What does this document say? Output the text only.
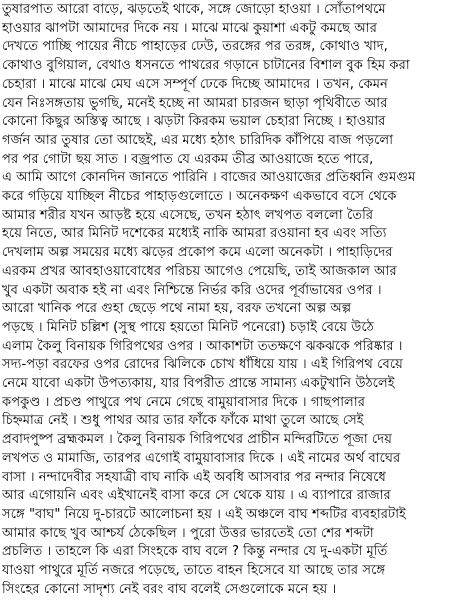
তুষারপাত আরো বাড়ে, ঝড়তেই থাকে, সঙ্গে জোড়ো হাওয়া । সোঁতাপথমে
হাওয়ার ঝাপটা আমাদের দিকে নয় । মাঝে মাঝে কুয়াশা একটু কমছে আর
দেখতে পাচ্ছি পায়ের নীচে পাহাড়ের ঢেউ, তরঙ্গের পর তরঙ্গ, কোথাও খাদ,
কোথাও বুগিয়াল, বেথাও ধসনতে পাথরের গড়ানে চাটানের বিশাল বুক হিম করা
চেহারা । মাঝে মাঝে মেঘ এসে সম্পূর্ণ ঢেকে দিচ্ছে আমাদের । তখন, কেমন
যেন নিঃসঙ্গতায় ভুগছি, মনেই হচ্ছে না আমরা চারজন ছাড়া পৃথিবীতে আর
কোনো কিছুর অস্তিত্ব আছে । ঝড়টা কিরকম ভয়াল চেহারা নিচ্ছে । হাওয়ার
গর্জন আর তুষার তো আছেই, এর মধ্যে হঠাৎ চারিদিক কাঁপিয়ে বাজ পড়লো
পর পর গোটা ছয় সাত । বজ্রপাত যে এরকম তীব্র আওয়াজে হতে পারে,
এ আমি আগে কোনদিন জানতে পারিনি । বাজের আওয়াজের প্রতিধ্বনি গুমগুম
করে গড়িয়ে যাচ্ছিল নীচের পাহাড়গুলোতে । অনেকক্ষণ একভাবে বসে থেকে
আমার শরীর যখন আড়ষ্ট হয়ে এসেছে, তখন হঠাৎ লখপত বললো তৈরি
হয়ে নিতে, আর মিনিট দশেকের মধ্যেই নাকি আমরা রওয়ানা হব এবং সত্যি
দেখলাম অল্প সময়ের মধ্যে ঝড়ের প্রকোপ কমে এলো অনেকটা । পাহাড়িদের
এরকম প্রখর আবহাওয়াবোধের পরিচয় আগেও পেয়েছি, তাই আজকাল আর
খুব একটা অবাক হই না এবং নিশ্চিন্তে নির্ভর করি ওদের পূর্বাভাষের ওপর ।
আরো খানিক পরে গুহা ছেড়ে পথে নামা হয়, বরফ তখনো অল্প অল্প
পড়ছে । মিনিট চল্লিশ (সুস্থ পায়ে হয়তো মিনিট পনেরো) চড়াই বেয়ে উঠে
এলাম কৈলু বিনায়ক গিরিপথের ওপর । আকাশটা ততক্ষণে ঝকঝকে পরিষ্কার ।
সদ্য-পড়া বরফের ওপর রোদের ঝিলিকে চোখ ধাঁধিয়ে যায় । এই গিরিপথ বেয়ে
নেমে যাবো একটা উপত্যকায়, যার বিপরীত প্রান্তে সামান্য একটুখানি উঠলেই
কপকুণ্ড । প্রচণ্ড পাথুরে পথ নেমে গেছে বামুয়াবাসার দিকে । গাছপালার
চিহ্নমাত্র নেই । শুধু পাথর আর তার ফাঁকে ফাঁকে মাথা তুলে আছে সেই
প্রবাদপুষ্প ব্রহ্মকমল । কৈলু বিনায়ক গিরিপথের প্রাচীন মন্দিরটিতে পূজা দেয়
লখপত ও মামাজি, তারপর এগোই বামুয়াবাসার দিকে । এই নামের অর্থ বাঘের
বাসা । নন্দাদেবীর সহযাত্রী বাঘ নাকি এই অবধি আসবার পর নন্দার নিষেধে
আর এগোয়নি এবং এইখানেই বাসা করে সে থেকে যায় । এ ব্যাপারে রাজার
সঙ্গে "বাঘ" নিয়ে দু-চারটে আলোচনা হয় । এই অঞ্চলে বাঘ শব্দটির ব্যবহারটাই
আমার কাছে খুব আশ্চর্য ঠেকেছিল । পুরো উত্তর ভারতেই তো শের শব্দটা
প্রচলিত । তাহলে কি এরা সিংহকে বাঘ বলে ? কিন্তু নন্দার যে দু-একটা মূর্তি
যাওয়া পাথুরে মূর্তি নজরে পড়েছে, তাতে বাহন হিসেবে যা আছে তার সঙ্গে
সিংহের কোনো সাদৃশ্য নেই বরং বাঘ বলেই সেগুলোকে মনে হয় ।
